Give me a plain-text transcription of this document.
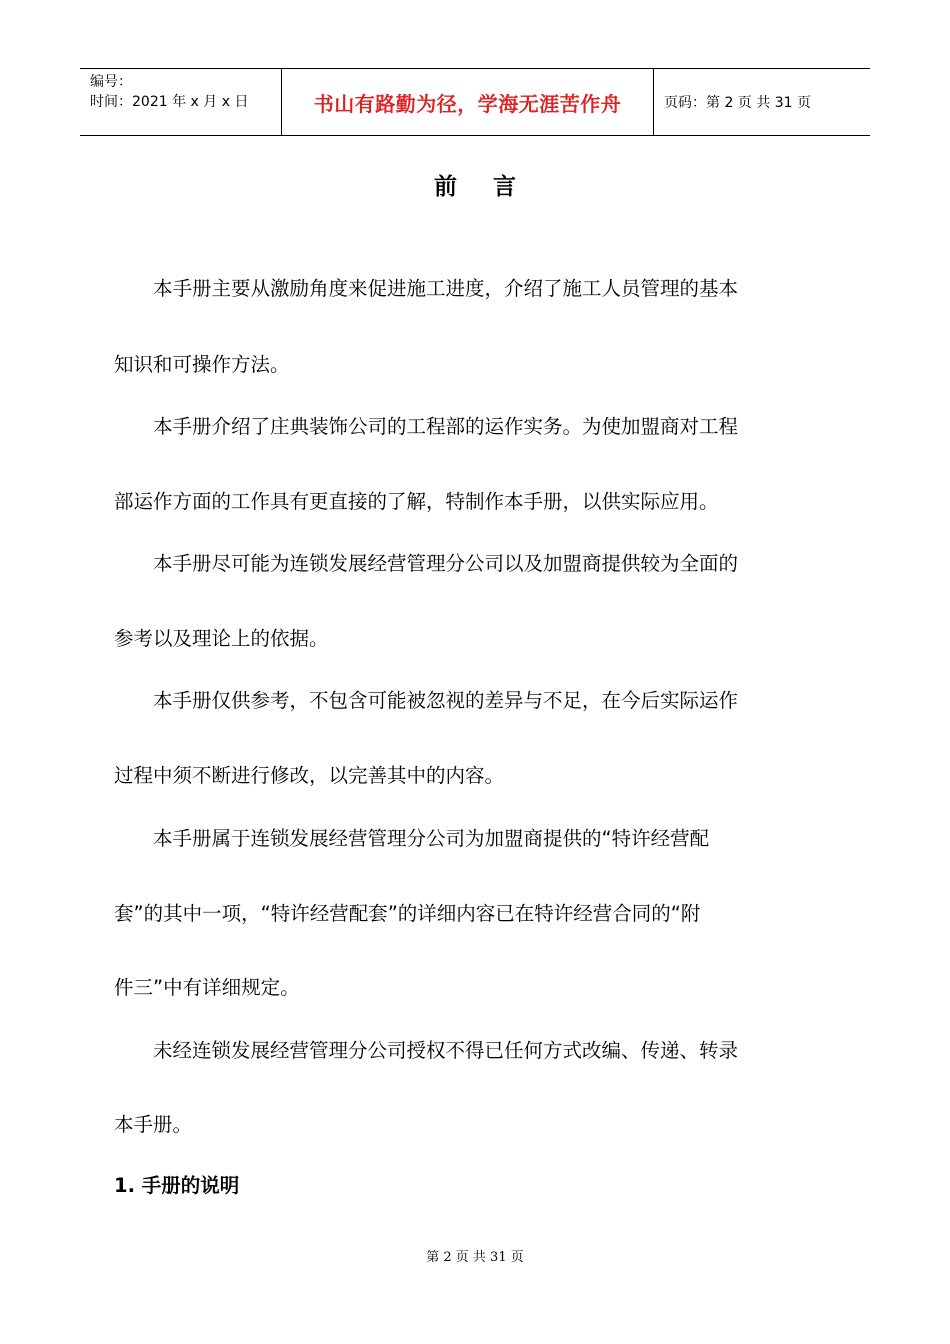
编号：
时间：2021 年 x 月 x 日	书山有路勤为径，学海无涯苦作舟	页码：第 2 页 共 31 页
前言

　　本手册主要从激励角度来促进施工进度，介绍了施工人员管理的基本

知识和可操作方法。

　　本手册介绍了庄典装饰公司的工程部的运作实务。为使加盟商对工程

部运作方面的工作具有更直接的了解，特制作本手册，以供实际应用。

　　本手册尽可能为连锁发展经营管理分公司以及加盟商提供较为全面的

参考以及理论上的依据。

　　本手册仅供参考，不包含可能被忽视的差异与不足，在今后实际运作

过程中须不断进行修改，以完善其中的内容。

　　本手册属于连锁发展经营管理分公司为加盟商提供的“特许经营配

套”的其中一项，“特许经营配套”的详细内容已在特许经营合同的“附

件三”中有详细规定。

　　未经连锁发展经营管理分公司授权不得已任何方式改编、传递、转录

本手册。

1. 手册的说明
第 2 页 共 31 页
